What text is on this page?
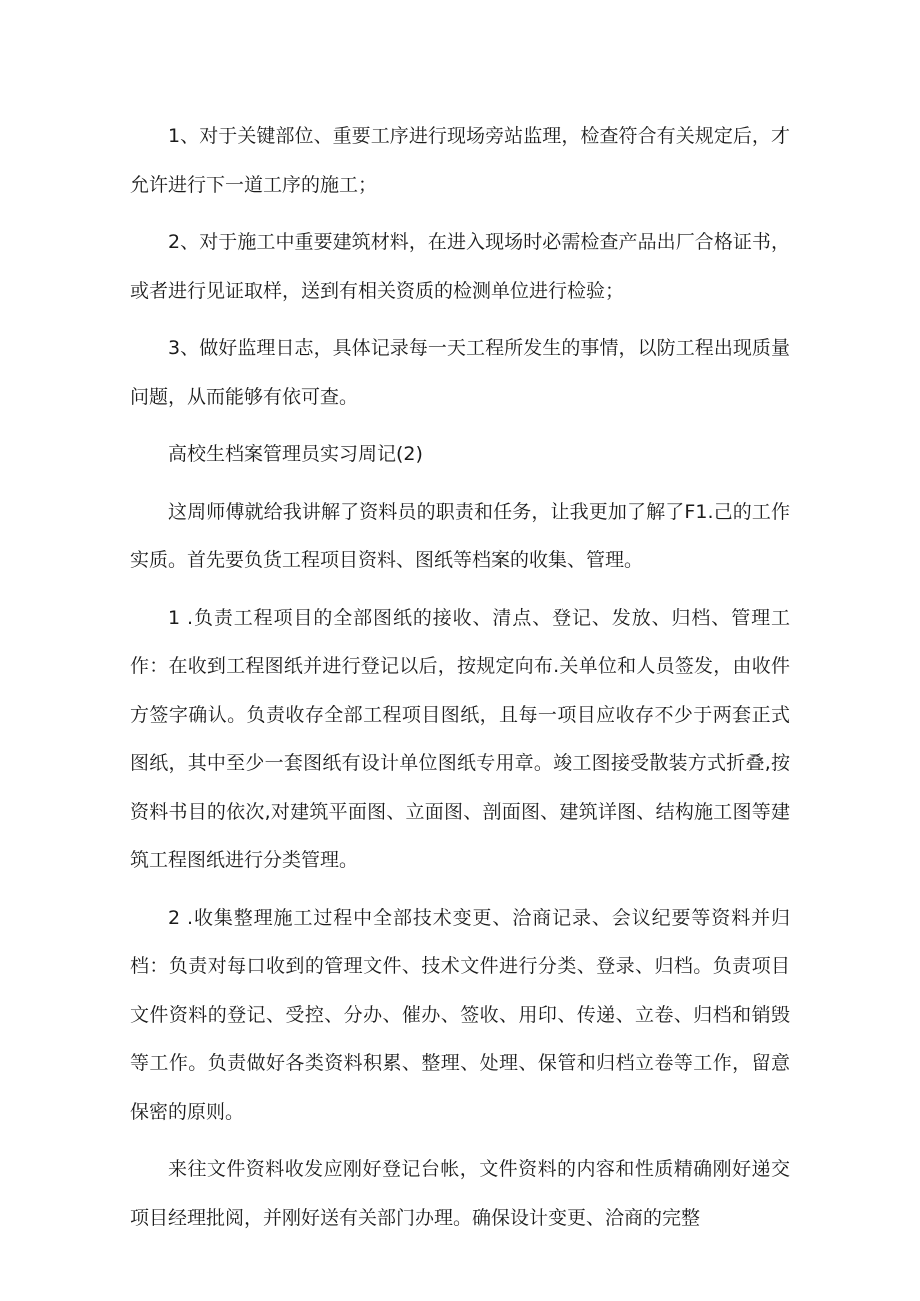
1、对于关键部位、重要工序进行现场旁站监理，检查符合有关规定后，才允许进行下一道工序的施工；

2、对于施工中重要建筑材料，在进入现场时必需检查产品出厂合格证书，或者进行见证取样，送到有相关资质的检测单位进行检验；

3、做好监理日志，具体记录每一天工程所发生的事情，以防工程出现质量问题，从而能够有依可查。

高校生档案管理员实习周记(2)

这周师傅就给我讲解了资料员的职责和任务，让我更加了解了F1.己的工作实质。首先要负货工程项目资料、图纸等档案的收集、管理。

1 .负责工程项目的全部图纸的接收、清点、登记、发放、归档、管理工作：在收到工程图纸并进行登记以后，按规定向布.关单位和人员签发，由收件方签字确认。负责收存全部工程项目图纸，且每一项目应收存不少于两套正式图纸，其中至少一套图纸有设计单位图纸专用章。竣工图接受散装方式折叠,按资料书目的依次,对建筑平面图、立面图、剖面图、建筑详图、结构施工图等建筑工程图纸进行分类管理。

2 .收集整理施工过程中全部技术变更、洽商记录、会议纪要等资料并归档：负责对每口收到的管理文件、技术文件进行分类、登录、归档。负责项目文件资料的登记、受控、分办、催办、签收、用印、传递、立卷、归档和销毁等工作。负责做好各类资料积累、整理、处理、保管和归档立卷等工作，留意保密的原则。

来往文件资料收发应刚好登记台帐，文件资料的内容和性质精确刚好递交项目经理批阅，并刚好送有关部门办理。确保设计变更、洽商的完整
